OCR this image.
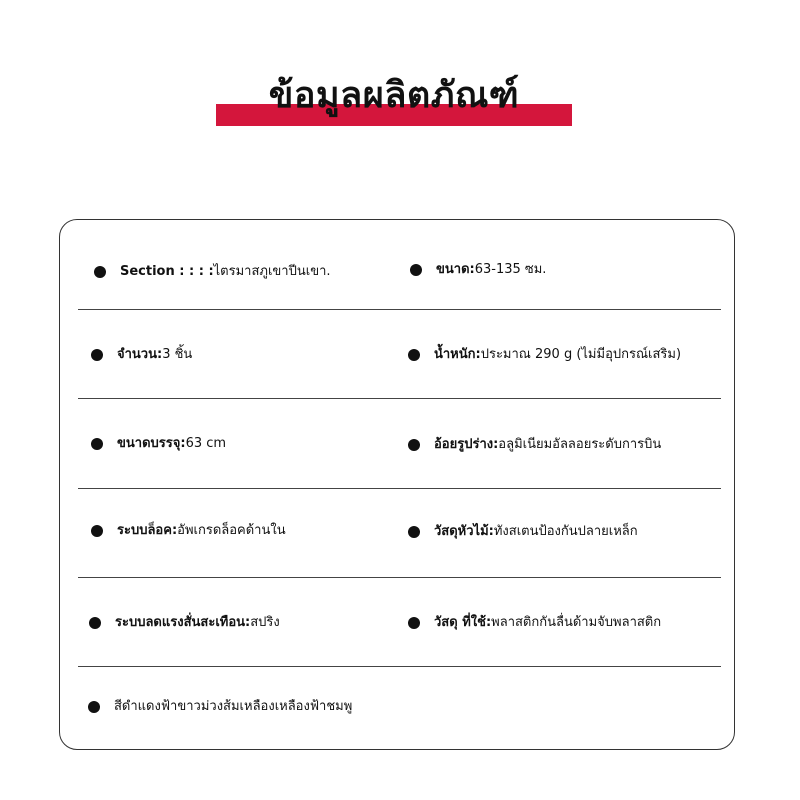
ข้อมูลผลิตภัณฑ์
Section : : : : ไตรมาสภูเขาปีนเขา.	ขนาด: 63-135 ซม.
จำนวน: 3 ชิ้น	น้ำหนัก: ประมาณ 290 g (ไม่มีอุปกรณ์เสริม)
ขนาดบรรจุ: 63 cm	อ้อยรูปร่าง: อลูมิเนียมอัลลอยระดับการบิน
ระบบล็อค: อัพเกรดล็อคด้านใน	วัสดุหัวไม้: ทังสเตนป้องกันปลายเหล็ก
ระบบลดแรงสั่นสะเทือน: สปริง	วัสดุ ที่ใช้: พลาสติกกันลื่นด้ามจับพลาสติก
สีดำแดงฟ้าขาวม่วงส้มเหลืองเหลืองฟ้าชมพู
